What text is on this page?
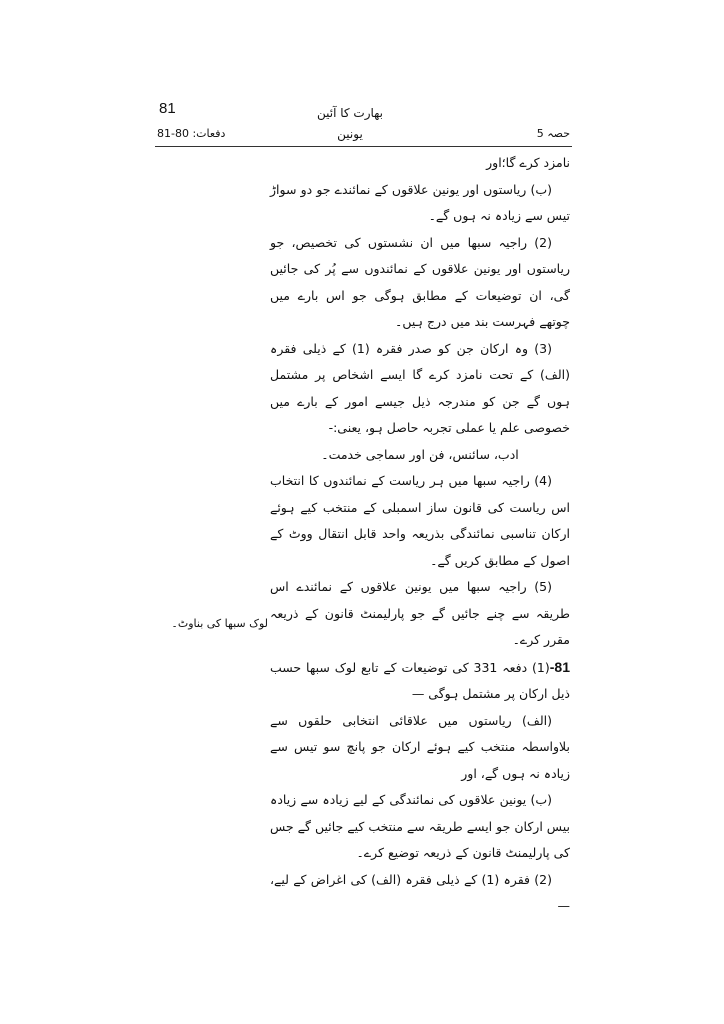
81
دفعات: 80-81
بھارت کا آئین
یونین	حصہ 5
لوک سبھا کی بناوٹ۔

نامزد کرے گا؛اور

(ب) ریاستوں اور یونین علاقوں کے نمائندے جو دو سواڑ تیس سے زیادہ نہ ہوں گے۔

(2) راجیہ سبھا میں ان نشستوں کی تخصیص، جو ریاستوں اور یونین علاقوں کے نمائندوں سے پُر کی جائیں گی، ان توضیعات کے مطابق ہوگی جو اس بارے میں چوتھے فہرست بند میں درج ہیں۔

(3) وہ ارکان جن کو صدر فقرہ (1) کے ذیلی فقرہ (الف) کے تحت نامزد کرے گا ایسے اشخاص پر مشتمل ہوں گے جن کو مندرجہ ذیل جیسے امور کے بارے میں خصوصی علم یا عملی تجربہ حاصل ہو، یعنی:-

ادب، سائنس، فن اور سماجی خدمت۔

(4) راجیہ سبھا میں ہر ریاست کے نمائندوں کا انتخاب اس ریاست کی قانون ساز اسمبلی کے منتخب کیے ہوئے ارکان تناسبی نمائندگی بذریعہ واحد قابل انتقال ووٹ کے اصول کے مطابق کریں گے۔

(5) راجیہ سبھا میں یونین علاقوں کے نمائندے اس طریقہ سے چنے جائیں گے جو پارلیمنٹ قانون کے ذریعہ مقرر کرے۔

81-(1) دفعہ 331 کی توضیعات کے تابع لوک سبھا حسب ذیل ارکان پر مشتمل ہوگی —

(الف) ریاستوں میں علاقائی انتخابی حلقوں سے بلاواسطہ منتخب کیے ہوئے ارکان جو پانچ سو تیس سے زیادہ نہ ہوں گے، اور

(ب) یونین علاقوں کی نمائندگی کے لیے زیادہ سے زیادہ بیس ارکان جو ایسے طریقہ سے منتخب کیے جائیں گے جس کی پارلیمنٹ قانون کے ذریعہ توضیع کرے۔

(2) فقرہ (1) کے ذیلی فقرہ (الف) کی اغراض کے لیے، —
